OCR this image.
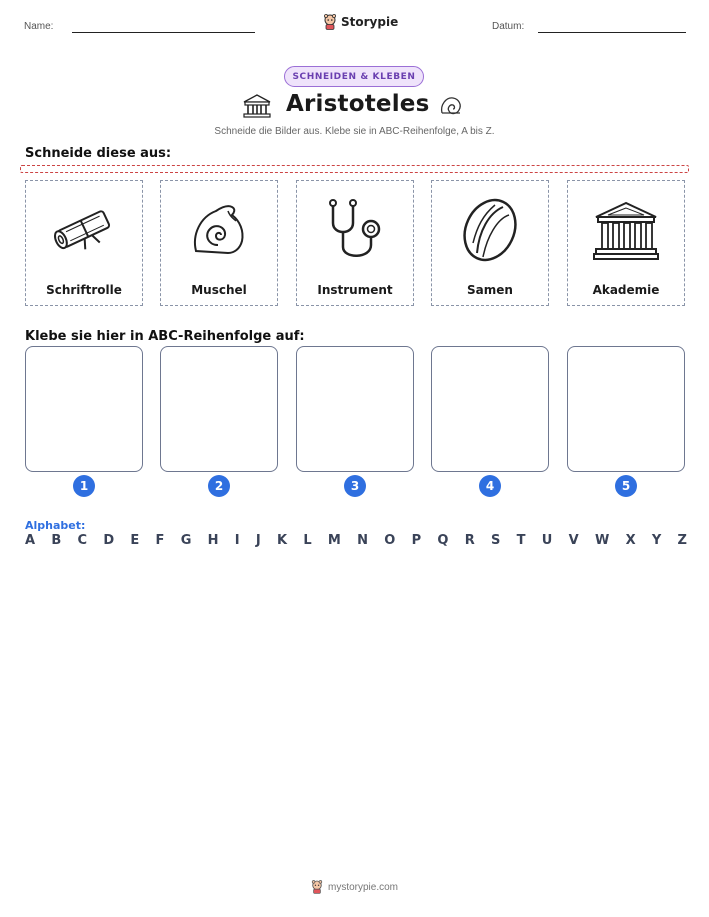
Name:	Storypie	Datum:
SCHNEIDEN & KLEBEN
Aristoteles
Schneide die Bilder aus. Klebe sie in ABC-Reihenfolge, A bis Z.
Schneide diese aus:
Schriftrolle	Muschel	Instrument	Samen	Akademie
Klebe sie hier in ABC-Reihenfolge auf:
1	2	3	4	5
Alphabet:
A B C D E F G H I J K L M N O P Q R S T U V W X Y Z
mystorypie.com
